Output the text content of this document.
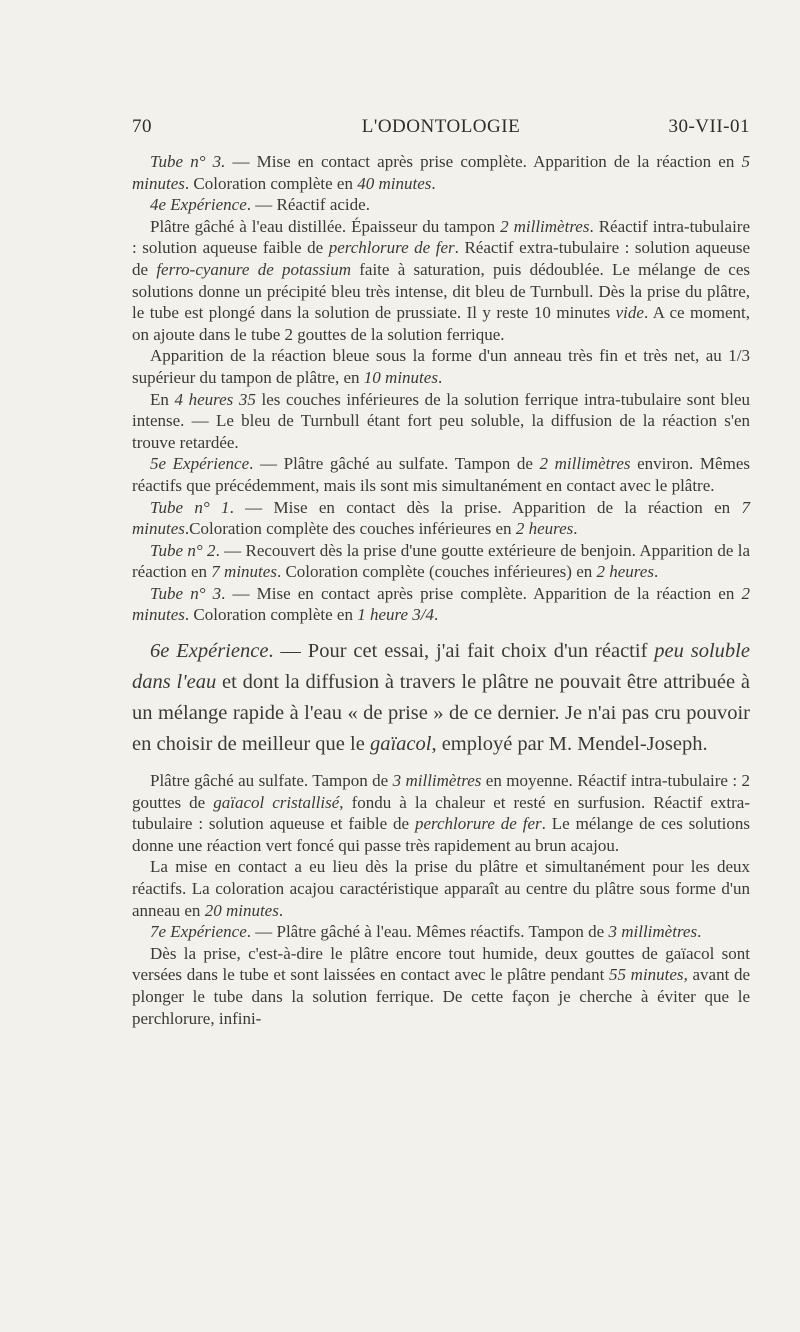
70	L'ODONTOLOGIE	30-VII-01

Tube n° 3. — Mise en contact après prise complète. Apparition de la réaction en 5 minutes. Coloration complète en 40 minutes.

4e Expérience. — Réactif acide.

Plâtre gâché à l'eau distillée. Épaisseur du tampon 2 millimètres. Réactif intra-tubulaire : solution aqueuse faible de perchlorure de fer. Réactif extra-tubulaire : solution aqueuse de ferro-cyanure de potassium faite à saturation, puis dédoublée. Le mélange de ces solutions donne un précipité bleu très intense, dit bleu de Turnbull. Dès la prise du plâtre, le tube est plongé dans la solution de prussiate. Il y reste 10 minutes vide. A ce moment, on ajoute dans le tube 2 gouttes de la solution ferrique.

Apparition de la réaction bleue sous la forme d'un anneau très fin et très net, au 1/3 supérieur du tampon de plâtre, en 10 minutes.

En 4 heures 35 les couches inférieures de la solution ferrique intra-tubulaire sont bleu intense. — Le bleu de Turnbull étant fort peu soluble, la diffusion de la réaction s'en trouve retardée.

5e Expérience. — Plâtre gâché au sulfate. Tampon de 2 millimètres environ. Mêmes réactifs que précédemment, mais ils sont mis simultanément en contact avec le plâtre.

Tube n° 1. — Mise en contact dès la prise. Apparition de la réaction en 7 minutes.Coloration complète des couches inférieures en 2 heures.

Tube n° 2. — Recouvert dès la prise d'une goutte extérieure de benjoin. Apparition de la réaction en 7 minutes. Coloration complète (couches inférieures) en 2 heures.

Tube n° 3. — Mise en contact après prise complète. Apparition de la réaction en 2 minutes. Coloration complète en 1 heure 3/4.

6e Expérience. — Pour cet essai, j'ai fait choix d'un réactif peu soluble dans l'eau et dont la diffusion à travers le plâtre ne pouvait être attribuée à un mélange rapide à l'eau « de prise » de ce dernier. Je n'ai pas cru pouvoir en choisir de meilleur que le gaïacol, employé par M. Mendel-Joseph.

Plâtre gâché au sulfate. Tampon de 3 millimètres en moyenne. Réactif intra-tubulaire : 2 gouttes de gaïacol cristallisé, fondu à la chaleur et resté en surfusion. Réactif extra-tubulaire : solution aqueuse et faible de perchlorure de fer. Le mélange de ces solutions donne une réaction vert foncé qui passe très rapidement au brun acajou.

La mise en contact a eu lieu dès la prise du plâtre et simultanément pour les deux réactifs. La coloration acajou caractéristique apparaît au centre du plâtre sous forme d'un anneau en 20 minutes.

7e Expérience. — Plâtre gâché à l'eau. Mêmes réactifs. Tampon de 3 millimètres.

Dès la prise, c'est-à-dire le plâtre encore tout humide, deux gouttes de gaïacol sont versées dans le tube et sont laissées en contact avec le plâtre pendant 55 minutes, avant de plonger le tube dans la solution ferrique. De cette façon je cherche à éviter que le perchlorure, infini-
